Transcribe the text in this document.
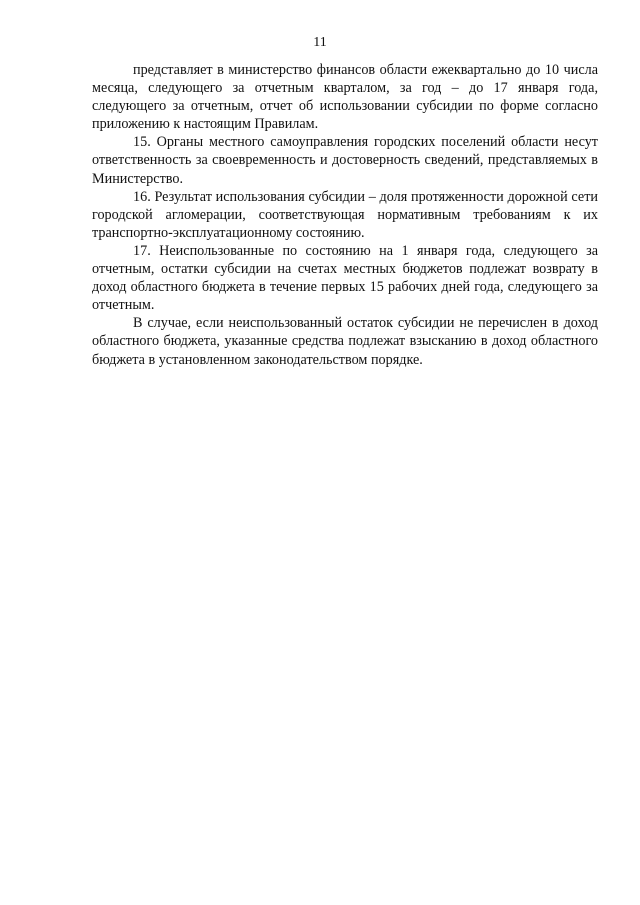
11

представляет в министерство финансов области ежеквартально до 10 числа месяца, следующего за отчетным кварталом, за год – до 17 января года, следующего за отчетным, отчет об использовании субсидии по форме согласно приложению к настоящим Правилам.

15. Органы местного самоуправления городских поселений области несут ответственность за своевременность и достоверность сведений, представляемых в Министерство.

16. Результат использования субсидии – доля протяженности дорожной сети городской агломерации, соответствующая нормативным требованиям к их транспортно-эксплуатационному состоянию.

17. Неиспользованные по состоянию на 1 января года, следующего за отчетным, остатки субсидии на счетах местных бюджетов подлежат возврату в доход областного бюджета в течение первых 15 рабочих дней года, следующего за отчетным.

В случае, если неиспользованный остаток субсидии не перечислен в доход областного бюджета, указанные средства подлежат взысканию в доход областного бюджета в установленном законодательством порядке.
